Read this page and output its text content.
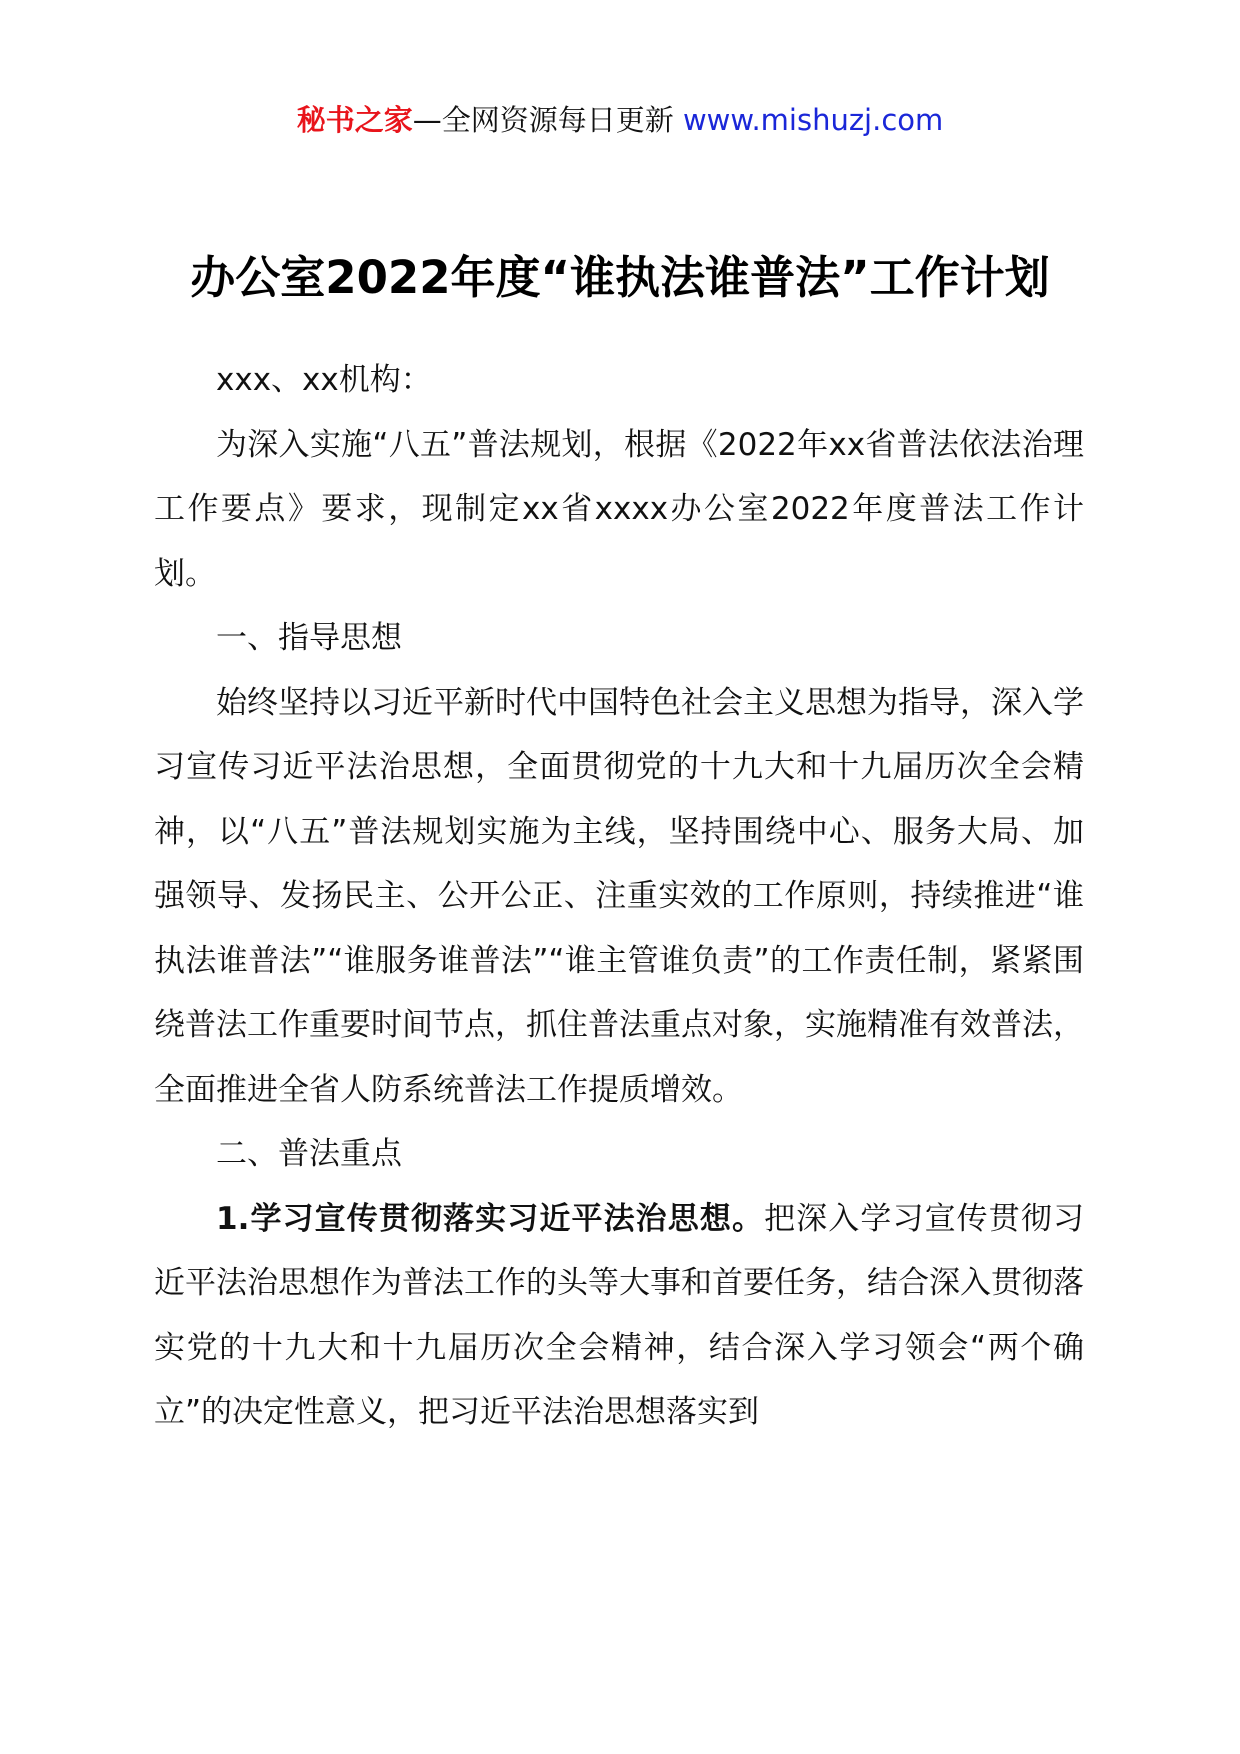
秘书之家—全网资源每日更新 www.mishuzj.com
办公室2022年度“谁执法谁普法”工作计划

xxx、xx机构：

为深入实施“八五”普法规划，根据《2022年xx省普法依法治理工作要点》要求，现制定xx省xxxx办公室2022年度普法工作计划。

一、指导思想

始终坚持以习近平新时代中国特色社会主义思想为指导，深入学习宣传习近平法治思想，全面贯彻党的十九大和十九届历次全会精神，以“八五”普法规划实施为主线，坚持围绕中心、服务大局、加强领导、发扬民主、公开公正、注重实效的工作原则，持续推进“谁执法谁普法”“谁服务谁普法”“谁主管谁负责”的工作责任制，紧紧围绕普法工作重要时间节点，抓住普法重点对象，实施精准有效普法，全面推进全省人防系统普法工作提质增效。

二、普法重点

1.学习宣传贯彻落实习近平法治思想。把深入学习宣传贯彻习近平法治思想作为普法工作的头等大事和首要任务，结合深入贯彻落实党的十九大和十九届历次全会精神，结合深入学习领会“两个确立”的决定性意义，把习近平法治思想落实到
